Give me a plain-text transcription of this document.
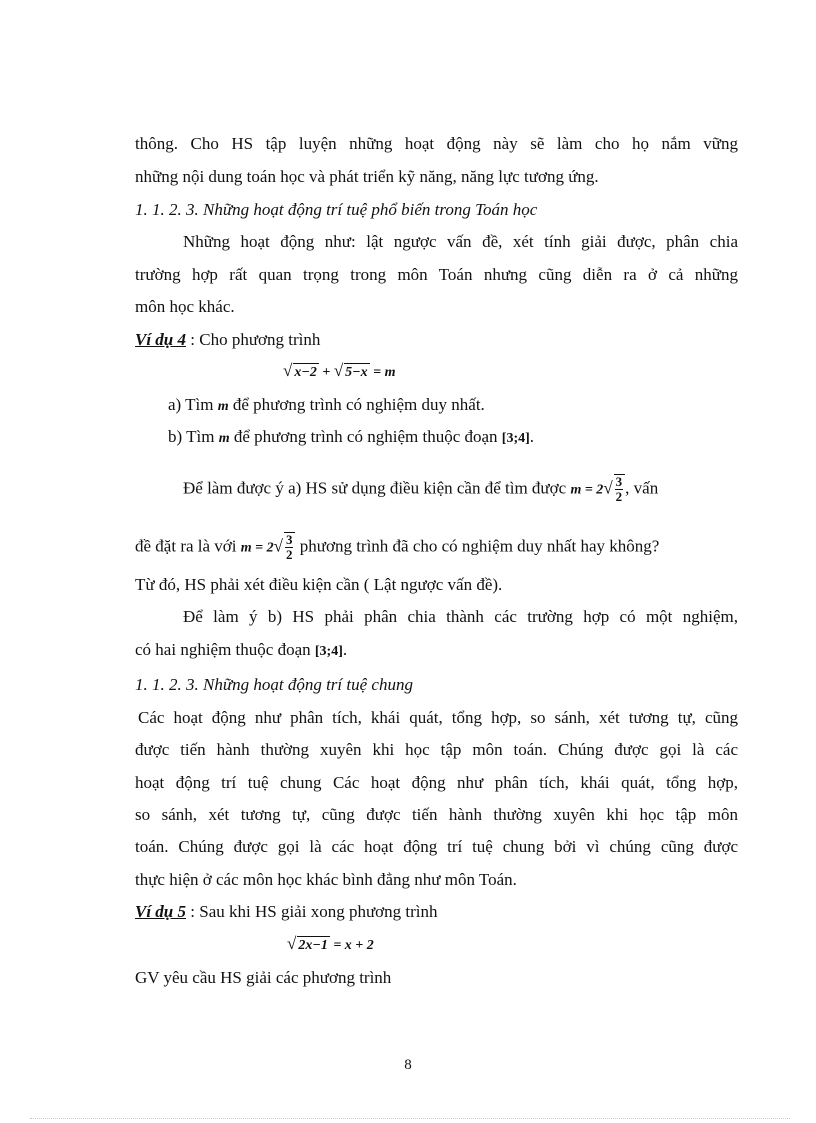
thông. Cho HS tập luyện những hoạt động này sẽ làm cho họ nắm vững
những nội dung toán học và phát triển kỹ năng, năng lực tương ứng.
1. 1. 2. 3. Những hoạt động trí tuệ phổ biến trong Toán học
Những hoạt động như: lật ngược vấn đề, xét tính giải được, phân chia
trường hợp rất quan trọng trong môn Toán nhưng cũng diễn ra ở cả những
môn học khác.
Ví dụ 4 : Cho phương trình
√ x−2 + √ 5−x = m
a) Tìm m để phương trình có nghiệm duy nhất.
b) Tìm m để phương trình có nghiệm thuộc đoạn [3;4].
Để làm được ý a) HS sử dụng điều kiện cần để tìm được $m = 2√ \frac{3}{2}$ , vấn
đề đặt ra là với $m = 2√ \frac{3}{2}$ phương trình đã cho có nghiệm duy nhất hay không?
Từ đó, HS phải xét điều kiện cần ( Lật ngược vấn đề).
Để làm ý b) HS phải phân chia thành các trường hợp có một nghiệm,
có hai nghiệm thuộc đoạn [3;4].
1. 1. 2. 3. Những hoạt động trí tuệ chung
Các hoạt động như phân tích, khái quát, tổng hợp, so sánh, xét tương tự, cũng
được tiến hành thường xuyên khi học tập môn toán. Chúng được gọi là các
hoạt động trí tuệ chung Các hoạt động như phân tích, khái quát, tổng hợp,
so sánh, xét tương tự, cũng được tiến hành thường xuyên khi học tập môn
toán. Chúng được gọi là các hoạt động trí tuệ chung bởi vì chúng cũng được
thực hiện ở các môn học khác bình đẳng như môn Toán.
Ví dụ 5 : Sau khi HS giải xong phương trình
√ 2x−1 = x + 2
GV yêu cầu HS giải các phương trình
8
